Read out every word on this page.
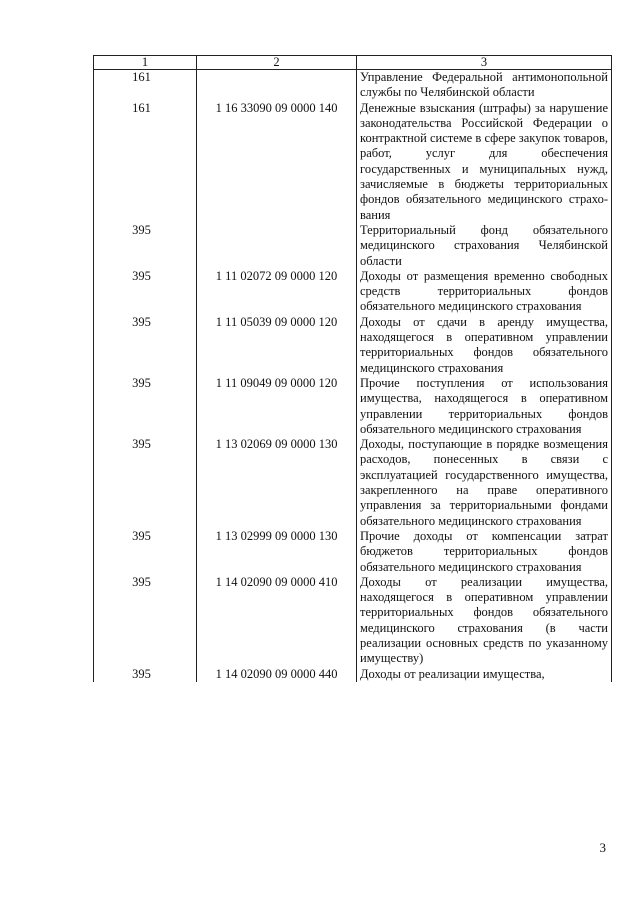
1	2	3
161		Управление Федеральной антимонопольной службы по Челябинской области
161	1 16 33090 09 0000 140	Денежные взыскания (штрафы) за нарушение законодательства Российской Федерации о контрактной системе в сфере закупок товаров, работ, услуг для обеспечения государственных и муниципальных нужд, зачисляемые в бюджеты территориальных фондов обязательного медицинского страхования
395		Территориальный фонд обязательного медицинского страхования Челябинской области
395	1 11 02072 09 0000 120	Доходы от размещения временно свободных средств территориальных фондов обязательного медицинского страхования
395	1 11 05039 09 0000 120	Доходы от сдачи в аренду имущества, находящегося в оперативном управлении территориальных фондов обязательного медицинского страхования
395	1 11 09049 09 0000 120	Прочие поступления от использования имущества, находящегося в оперативном управлении территориальных фондов обязательного медицинского страхования
395	1 13 02069 09 0000 130	Доходы, поступающие в порядке возмещения расходов, понесенных в связи с эксплуатацией государственного имущества, закрепленного на праве оперативного управления за территориальными фондами обязательного медицинского страхования
395	1 13 02999 09 0000 130	Прочие доходы от компенсации затрат бюджетов территориальных фондов обязательного медицинского страхования
395	1 14 02090 09 0000 410	Доходы от реализации имущества, находящегося в оперативном управлении территориальных фондов обязательного медицинского страхования (в части реализации основных средств по указанному имуществу)
395	1 14 02090 09 0000 440	Доходы от реализации имущества,
3
